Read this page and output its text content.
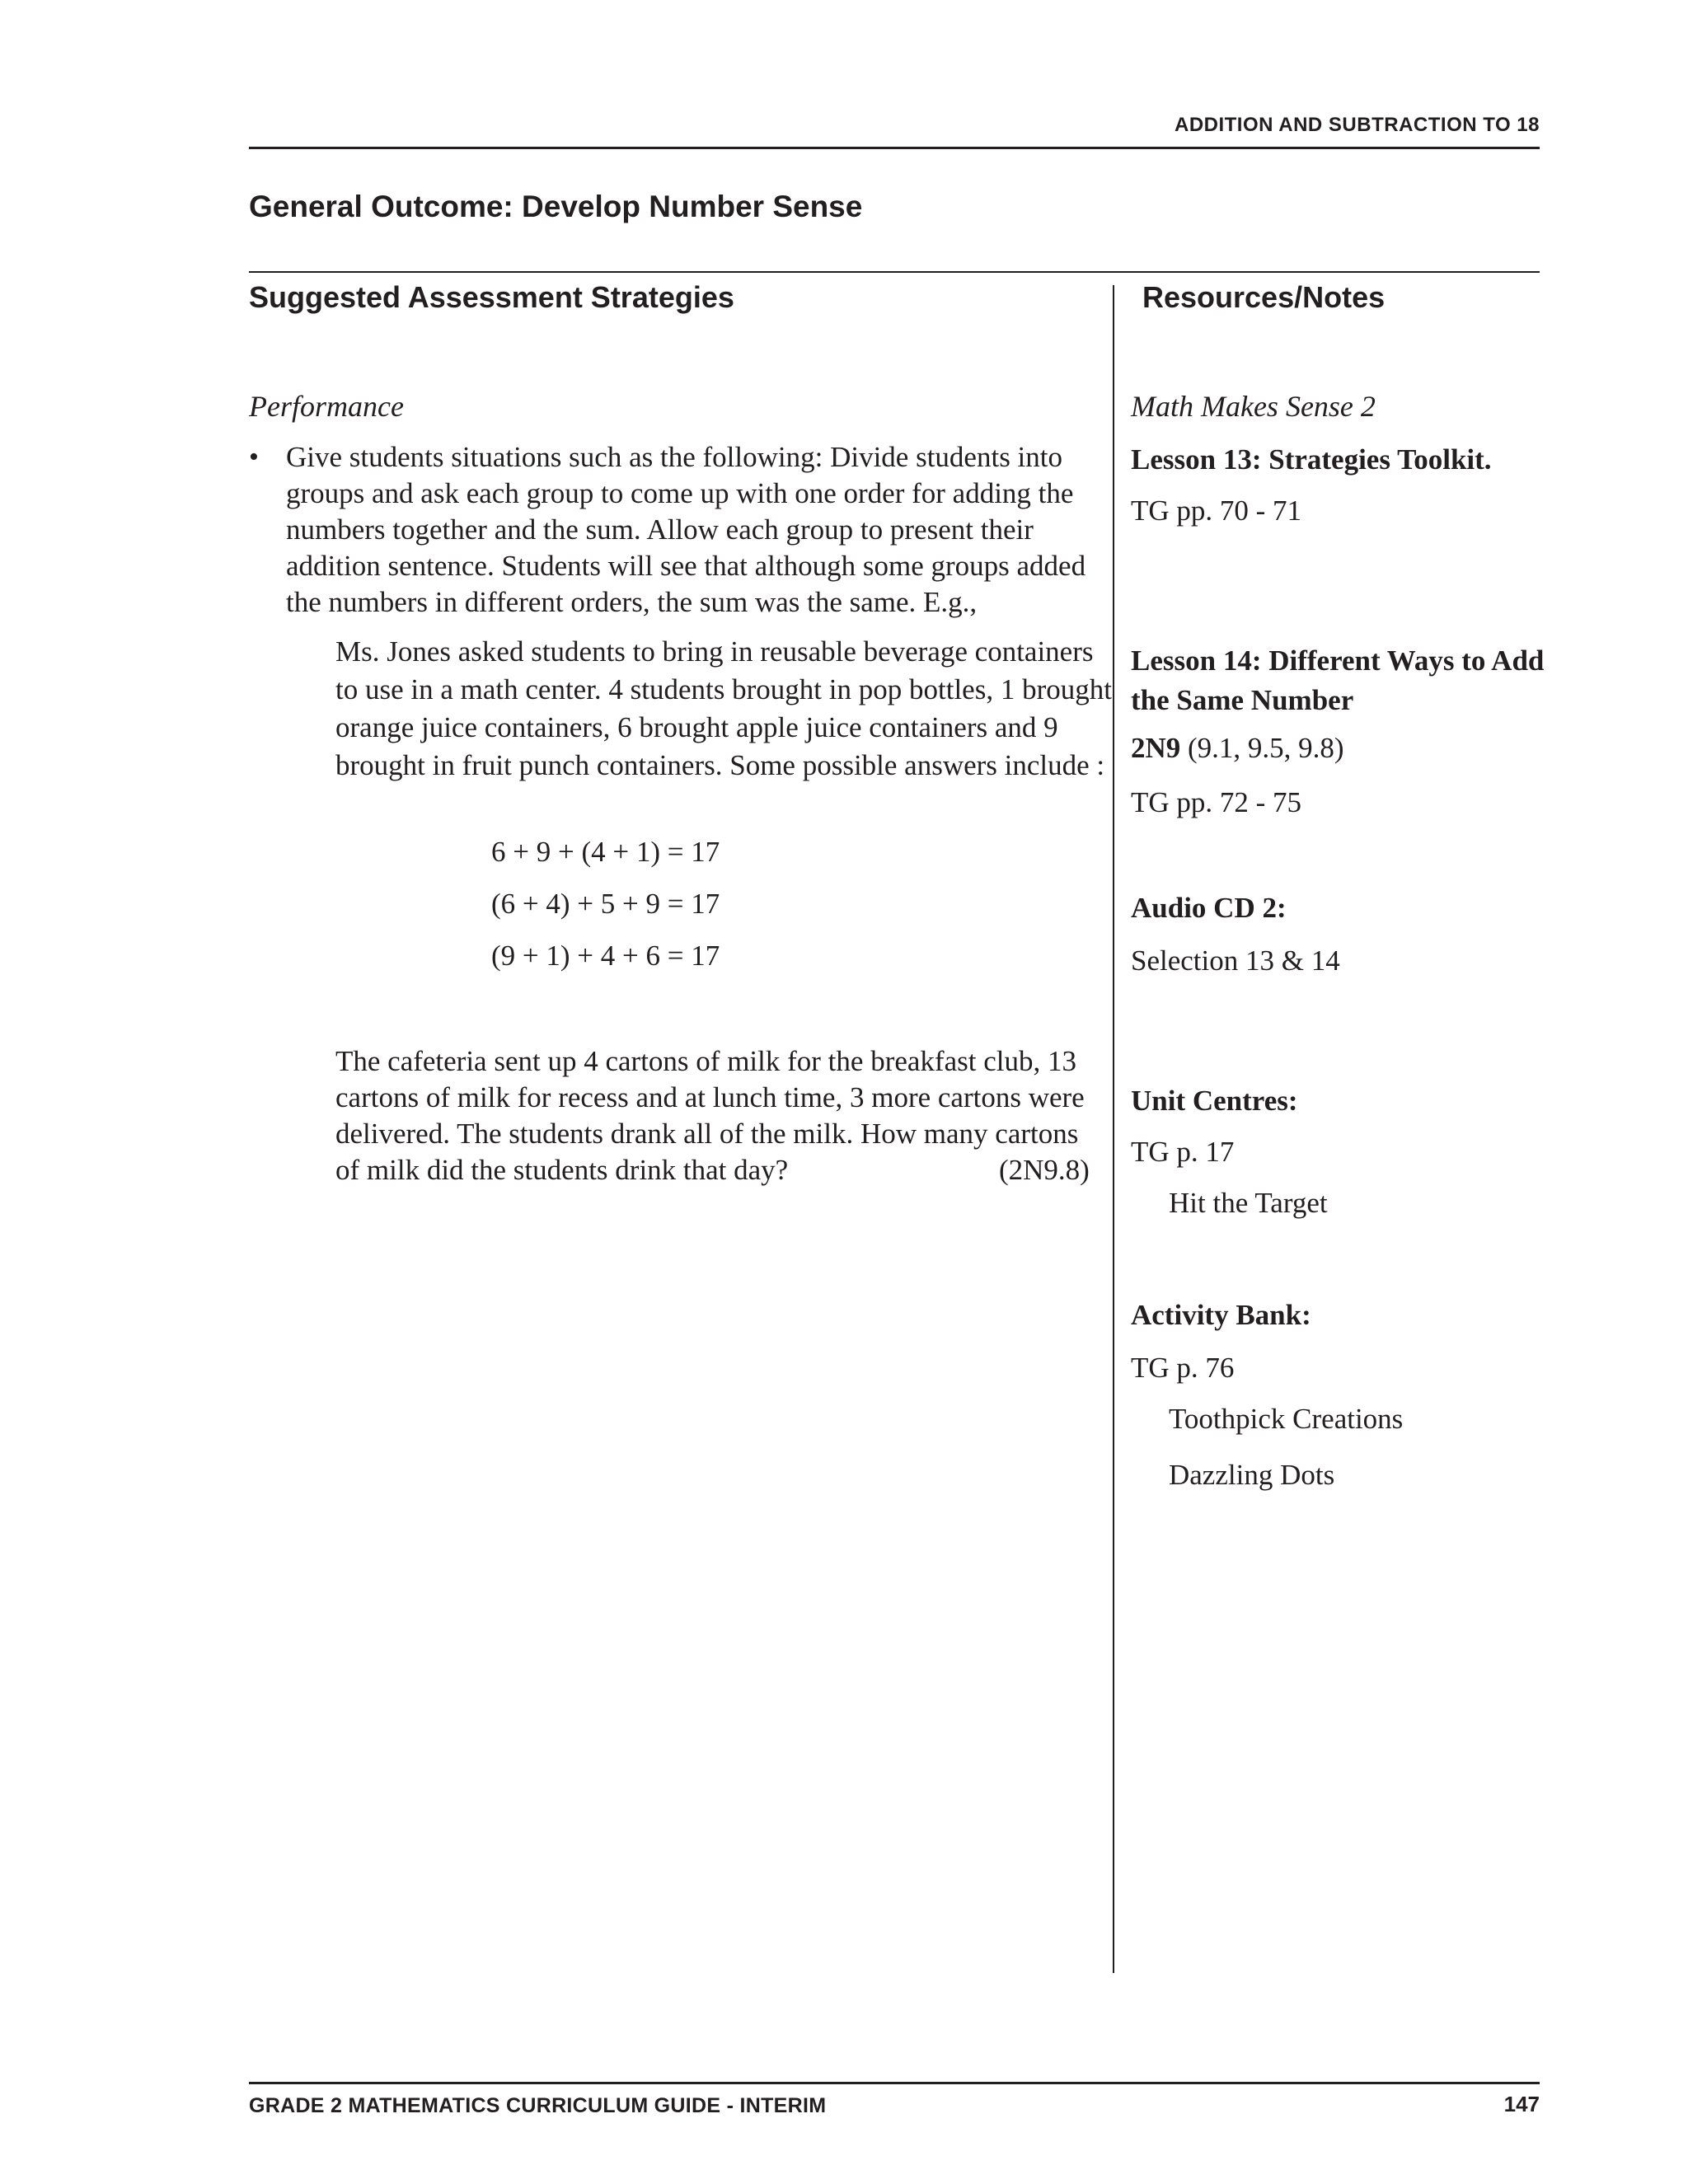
ADDITION AND SUBTRACTION TO 18
General Outcome: Develop Number Sense
Suggested Assessment Strategies	Resources/Notes
Performance
• Give students situations such as the following: Divide students into groups and ask each group to come up with one order for adding the numbers together and the sum. Allow each group to present their addition sentence. Students will see that although some groups added the numbers in different orders, the sum was the same. E.g.,
Ms. Jones asked students to bring in reusable beverage containers to use in a math center. 4 students brought in pop bottles, 1 brought orange juice containers, 6 brought apple juice containers and 9 brought in fruit punch containers. Some possible answers include :
6 + 9 + (4 + 1) = 17
(6 + 4) + 5 + 9 = 17
(9 + 1) + 4 + 6 = 17
The cafeteria sent up 4 cartons of milk for the breakfast club, 13 cartons of milk for recess and at lunch time, 3 more cartons were delivered. The students drank all of the milk. How many cartons of milk did the students drink that day?	(2N9.8)
Math Makes Sense 2
Lesson 13: Strategies Toolkit.
TG pp. 70 - 71
Lesson 14: Different Ways to Add the Same Number
2N9 (9.1, 9.5, 9.8)
TG pp. 72 - 75
Audio CD 2:
Selection 13 & 14
Unit Centres:
TG p. 17
Hit the Target
Activity Bank:
TG p. 76
Toothpick Creations
Dazzling Dots
GRADE 2 MATHEMATICS CURRICULUM GUIDE - INTERIM	147
